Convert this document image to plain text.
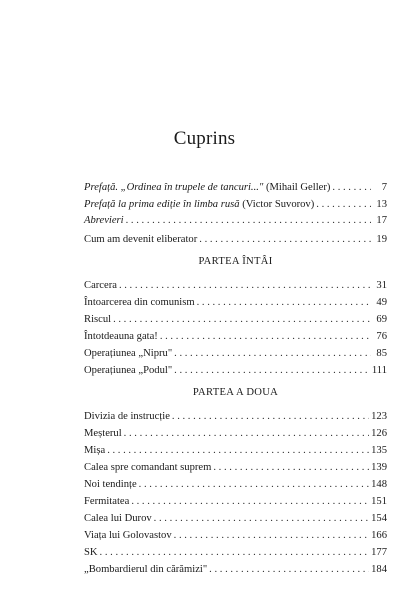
Cuprins
Prefață. „Ordinea în trupele de tancuri..." (Mihail Geller) . . .	7
Prefață la prima ediție în limba rusă (Victor Suvorov) . . .	13
Abrevieri . . .	17
Cum am devenit eliberator . . .	19
PARTEA ÎNTÂI
Carcera . . .	31
Întoarcerea din comunism . . .	49
Riscul . . .	69
Întotdeauna gata! . . .	76
Operațiunea „Nipru" . . .	85
Operațiunea „Podul" . . .	111
PARTEA A DOUA
Divizia de instrucție . . .	123
Meșterul . . .	126
Mișa . . .	135
Calea spre comandant suprem . . .	139
Noi tendințe . . .	148
Fermitatea . . .	151
Calea lui Durov . . .	154
Viața lui Golovastov . . .	166
SK . . .	177
„Bombardierul din cărămizi" . . .	184
